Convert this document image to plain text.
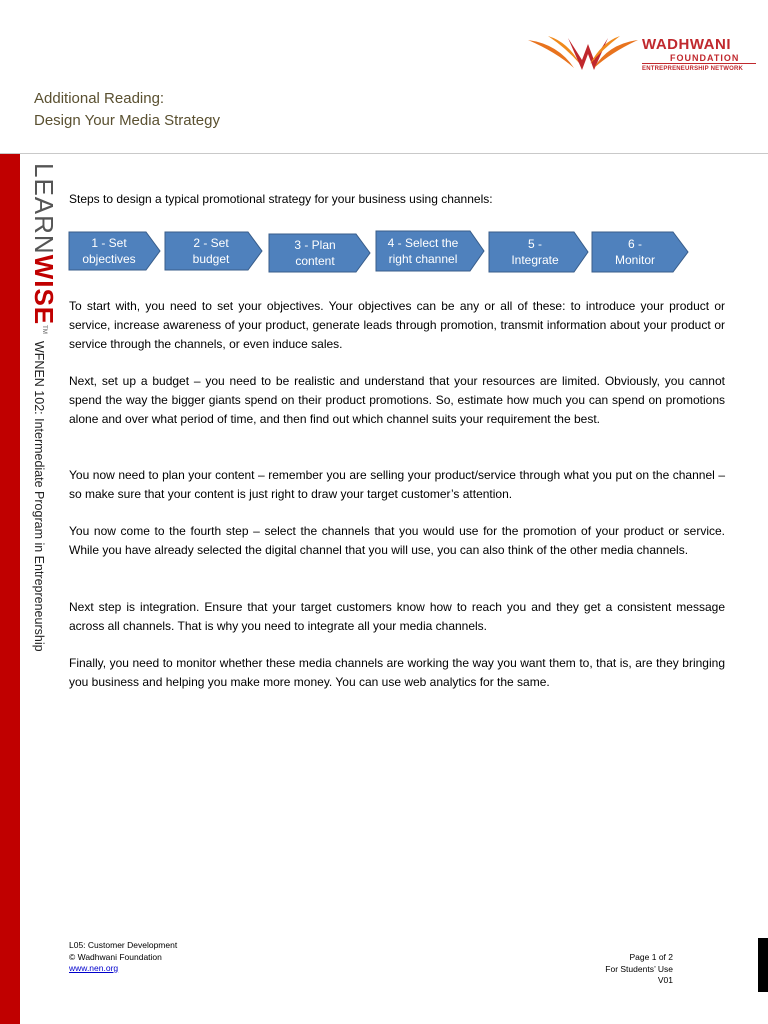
WADHWANI
FOUNDATION
ENTREPRENEURSHIP NETWORK
Additional Reading:
Design Your Media Strategy
LEARNWISE™
WFNEN 102: Intermediate Program in Entrepreneurship
Steps to design a typical promotional strategy for your business using channels:
1 - Set
objectives
2 - Set
budget
3 - Plan
content
4 - Select the
right channel
5 -
Integrate
6 -
Monitor
To start with, you need to set your objectives. Your objectives can be any or all of these: to introduce your product or service, increase awareness of your product, generate leads through promotion, transmit information about your product or service through the channels, or even induce sales.
Next, set up a budget – you need to be realistic and understand that your resources are limited. Obviously, you cannot spend the way the bigger giants spend on their product promotions. So, estimate how much you can spend on promotions alone and over what period of time, and then find out which channel suits your requirement the best.
You now need to plan your content – remember you are selling your product/service through what you put on the channel – so make sure that your content is just right to draw your target customer’s attention.
You now come to the fourth step – select the channels that you would use for the promotion of your product or service. While you have already selected the digital channel that you will use, you can also think of the other media channels.
Next step is integration. Ensure that your target customers know how to reach you and they get a consistent message across all channels. That is why you need to integrate all your media channels.
Finally, you need to monitor whether these media channels are working the way you want them to, that is, are they bringing you business and helping you make more money. You can use web analytics for the same.
L05: Customer Development
© Wadhwani Foundation
www.nen.org
Page 1 of 2
For Students’ Use
V01
